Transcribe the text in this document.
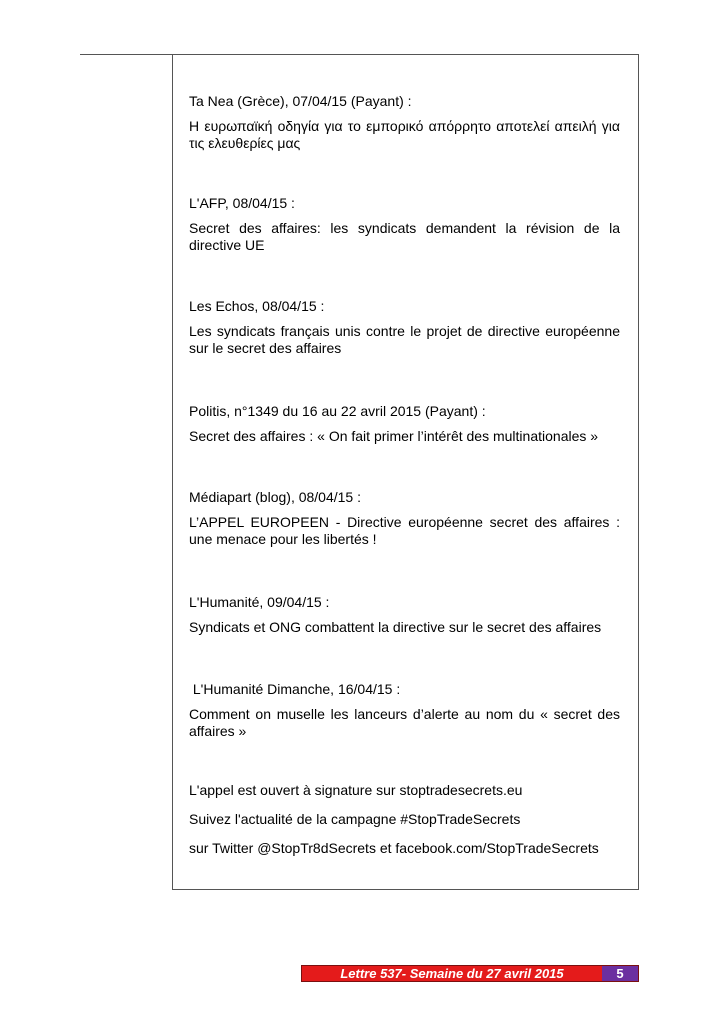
Ta Nea (Grèce), 07/04/15 (Payant) :

Η ευρωπαϊκή οδηγία για το εμπορικό απόρρητο αποτελεί απειλή για τις ελευθερίες μας

L'AFP, 08/04/15 :

Secret des affaires: les syndicats demandent la révision de la directive UE

Les Echos, 08/04/15 :

Les syndicats français unis contre le projet de directive européenne sur le secret des affaires

Politis, n°1349 du 16 au 22 avril 2015 (Payant) :

Secret des affaires : « On fait primer l’intérêt des multinationales »

Médiapart (blog), 08/04/15 :

L’APPEL EUROPEEN - Directive européenne secret des affaires : une menace pour les libertés !

L'Humanité, 09/04/15 :

Syndicats et ONG combattent la directive sur le secret des affaires

L'Humanité Dimanche, 16/04/15 :

Comment on muselle les lanceurs d’alerte au nom du « secret des affaires »

L'appel est ouvert à signature sur stoptradesecrets.eu
Suivez l'actualité de la campagne #StopTradeSecrets
sur Twitter @StopTr8dSecrets et facebook.com/StopTradeSecrets
Lettre 537- Semaine du 27 avril 2015	5
